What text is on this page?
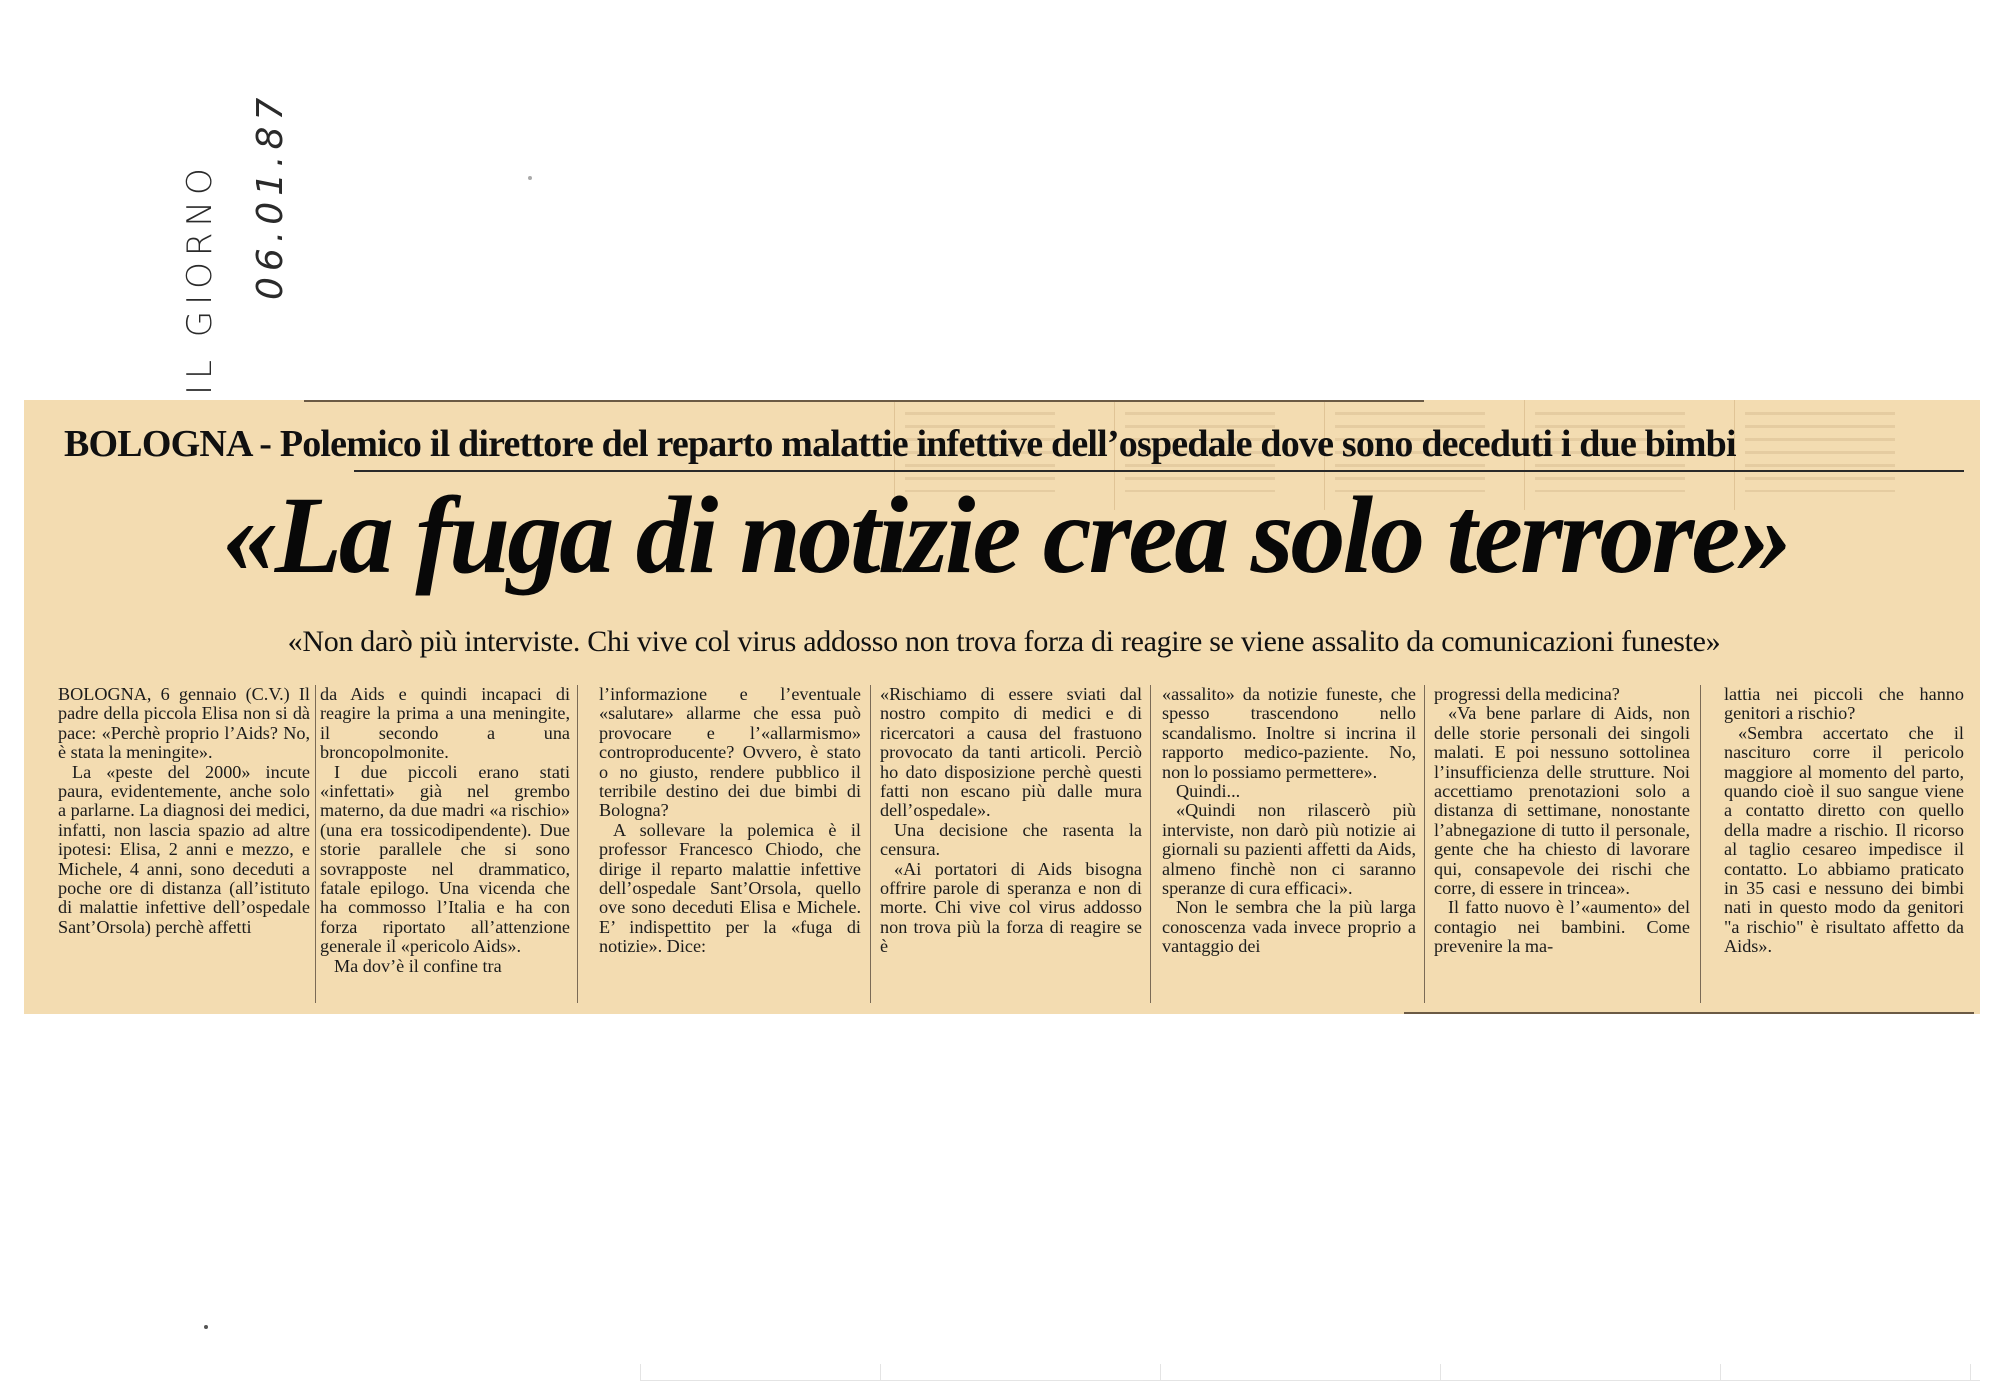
IL GIORNO 06.01.87
BOLOGNA - Polemico il direttore del reparto malattie infettive dell’ospedale dove sono deceduti i due bimbi
«La fuga di notizie crea solo terrore»
«Non darò più interviste. Chi vive col virus addosso non trova forza di reagire se viene assalito da comunicazioni funeste»

BOLOGNA, 6 gennaio (C.V.) Il padre della piccola Elisa non si dà pace: «Perchè proprio l’Aids? No, è stata la meningite».

La «peste del 2000» incute paura, evidentemente, anche solo a parlarne. La diagnosi dei medici, infatti, non lascia spazio ad altre ipotesi: Elisa, 2 anni e mezzo, e Michele, 4 anni, sono deceduti a poche ore di distanza (all’istituto di malattie infettive dell’ospedale Sant’Orsola) perchè affetti

da Aids e quindi incapaci di reagire la prima a una meningite, il secondo a una broncopolmonite.

I due piccoli erano stati «infettati» già nel grembo materno, da due madri «a rischio» (una era tossicodipendente). Due storie parallele che si sono sovrapposte nel drammatico, fatale epilogo. Una vicenda che ha commosso l’Italia e ha con forza riportato all’attenzione generale il «pericolo Aids».

Ma dov’è il confine tra

l’informazione e l’eventuale «salutare» allarme che essa può provocare e l’«allarmismo» controproducente? Ovvero, è stato o no giusto, rendere pubblico il terribile destino dei due bimbi di Bologna?

A sollevare la polemica è il professor Francesco Chiodo, che dirige il reparto malattie infettive dell’ospedale Sant’Orsola, quello ove sono deceduti Elisa e Michele. E’ indispettito per la «fuga di notizie». Dice:

«Rischiamo di essere sviati dal nostro compito di medici e di ricercatori a causa del frastuono provocato da tanti articoli. Perciò ho dato disposizione perchè questi fatti non escano più dalle mura dell’ospedale».

Una decisione che rasenta la censura.

«Ai portatori di Aids bisogna offrire parole di speranza e non di morte. Chi vive col virus addosso non trova più la forza di reagire se è

«assalito» da notizie funeste, che spesso trascendono nello scandalismo. Inoltre si incrina il rapporto medico-paziente. No, non lo possiamo permettere».

Quindi...

«Quindi non rilascerò più interviste, non darò più notizie ai giornali su pazienti affetti da Aids, almeno finchè non ci saranno speranze di cura efficaci».

Non le sembra che la più larga conoscenza vada invece proprio a vantaggio dei

progressi della medicina?

«Va bene parlare di Aids, non delle storie personali dei singoli malati. E poi nessuno sottolinea l’insufficienza delle strutture. Noi accettiamo prenotazioni solo a distanza di settimane, nonostante l’abnegazione di tutto il personale, gente che ha chiesto di lavorare qui, consapevole dei rischi che corre, di essere in trincea».

Il fatto nuovo è l’«aumento» del contagio nei bambini. Come prevenire la ma-

lattia nei piccoli che hanno genitori a rischio?

«Sembra accertato che il nascituro corre il pericolo maggiore al momento del parto, quando cioè il suo sangue viene a contatto diretto con quello della madre a rischio. Il ricorso al taglio cesareo impedisce il contatto. Lo abbiamo praticato in 35 casi e nessuno dei bimbi nati in questo modo da genitori "a rischio" è risultato affetto da Aids».
